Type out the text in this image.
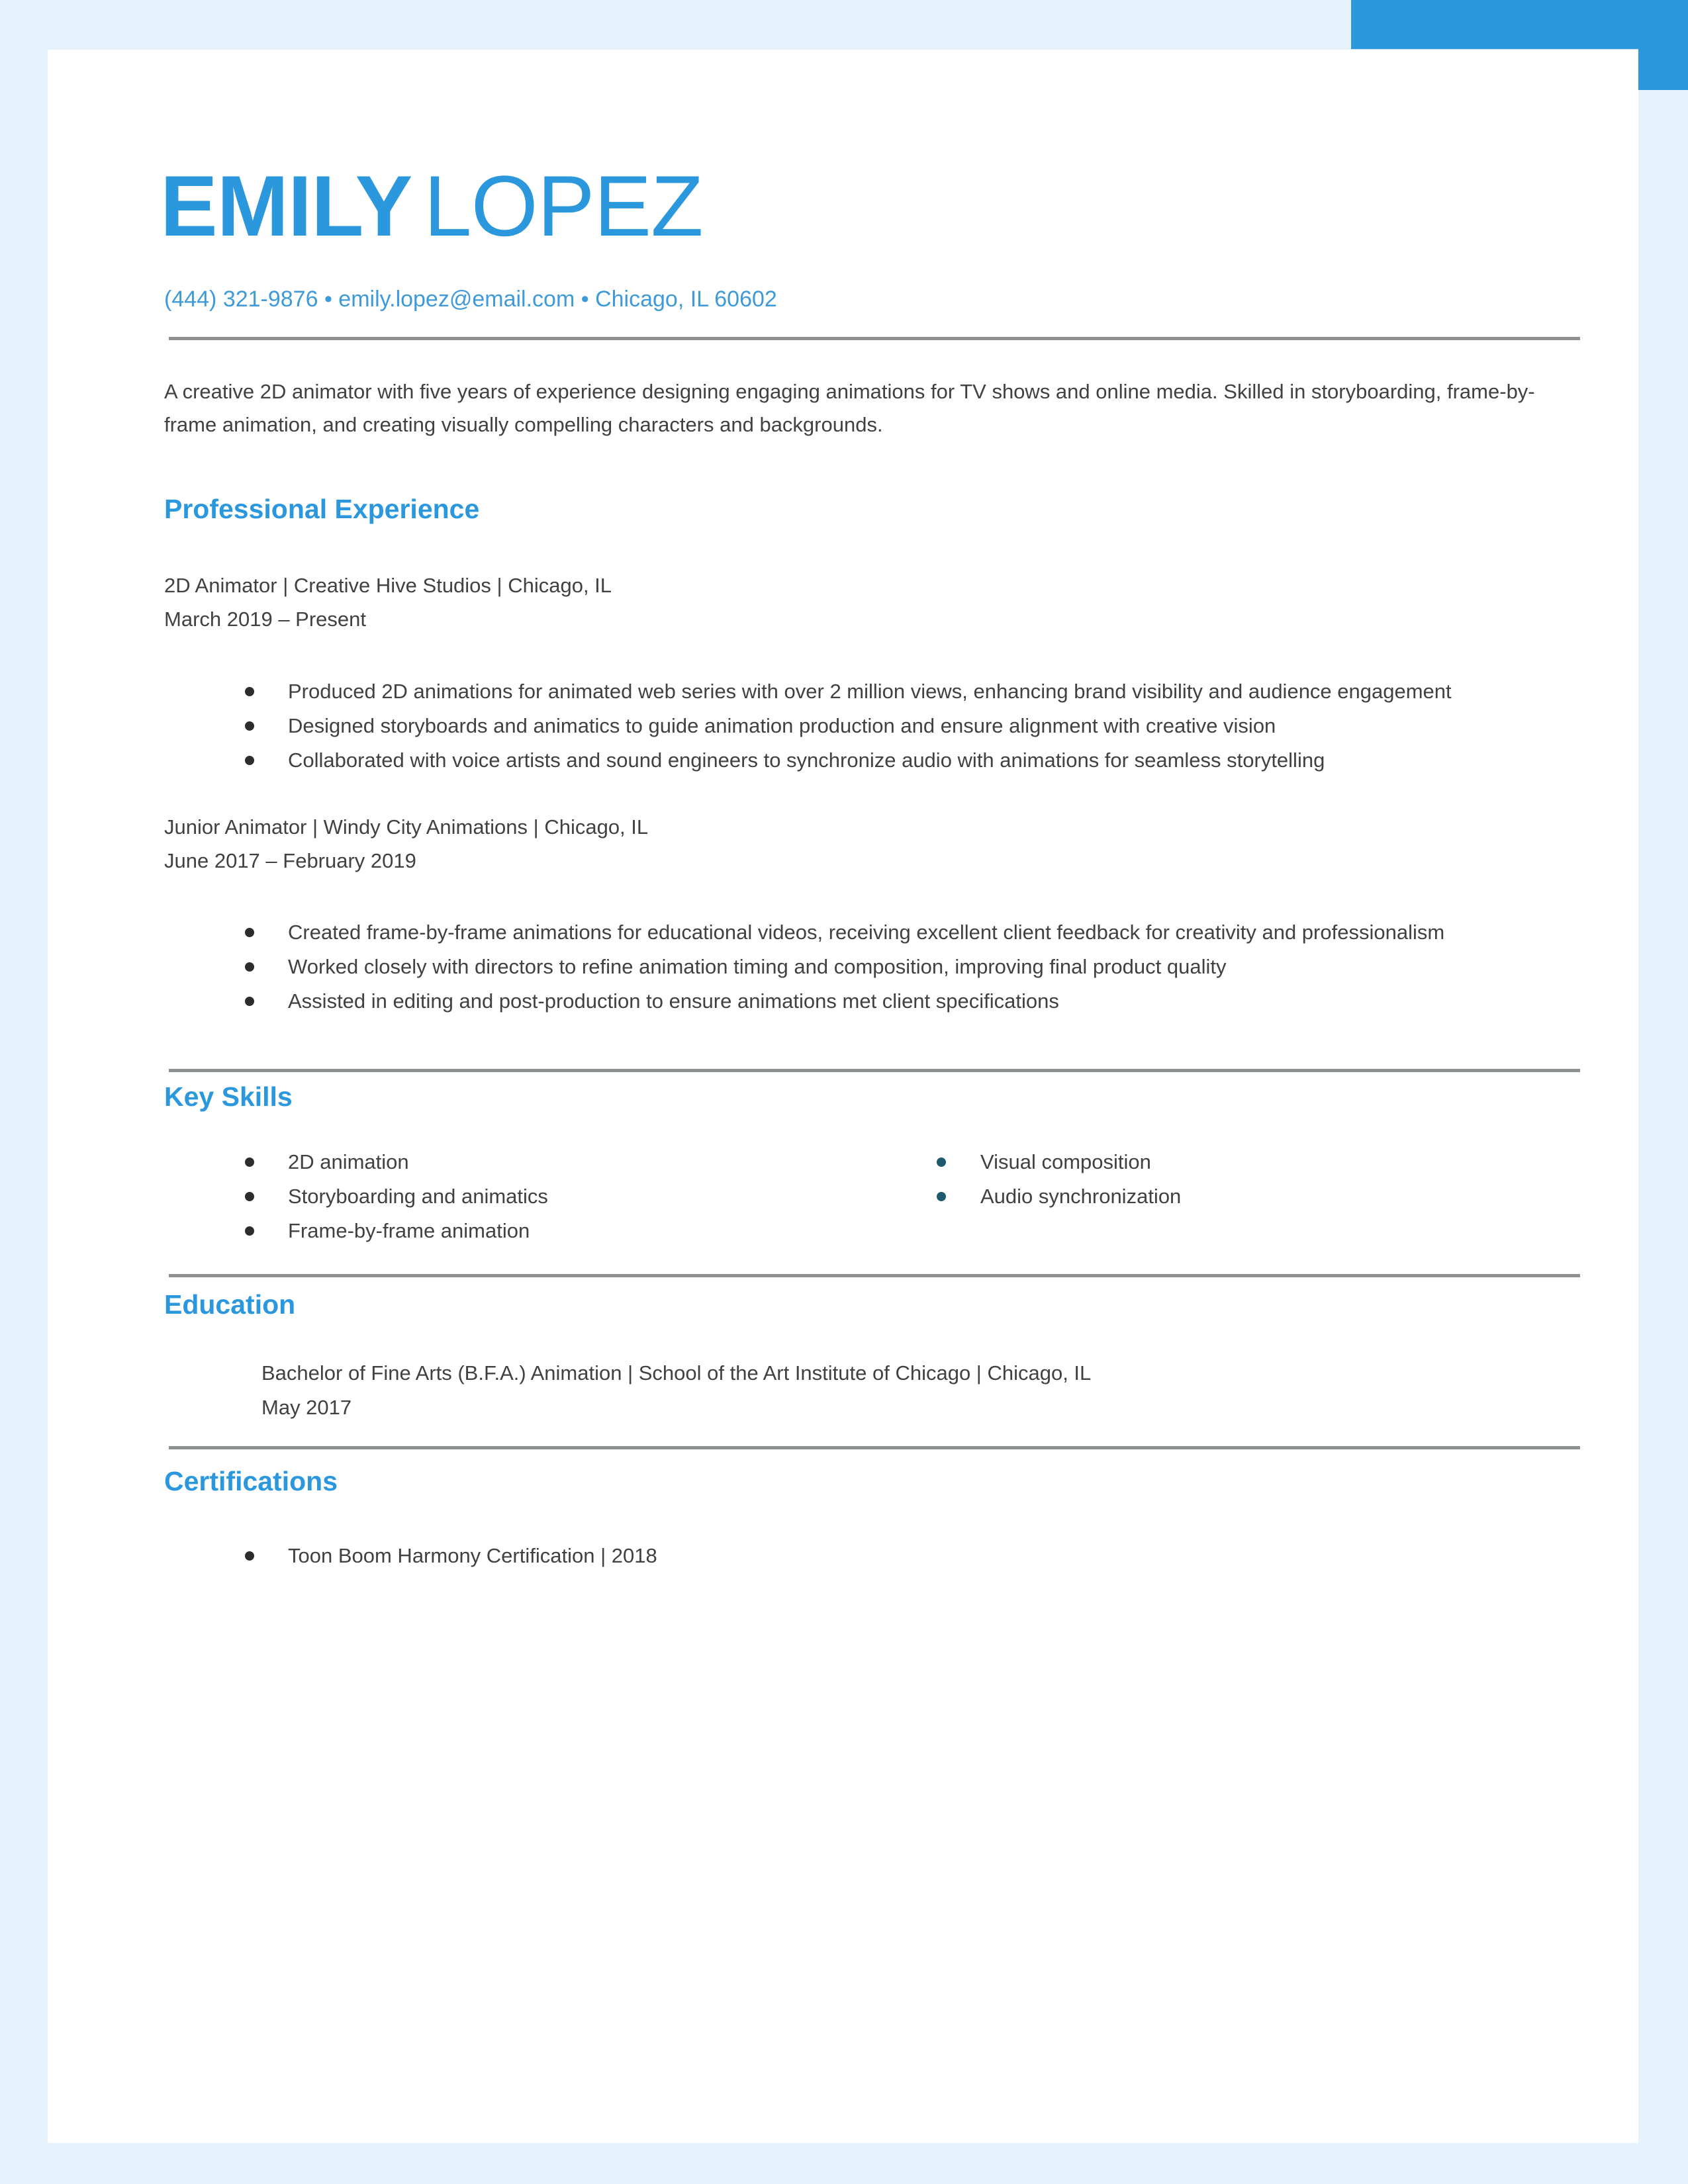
EMILY LOPEZ
(444) 321-9876 • emily.lopez@email.com • Chicago, IL 60602

A creative 2D animator with five years of experience designing engaging animations for TV shows and online media. Skilled in storyboarding, frame-by-frame animation, and creating visually compelling characters and backgrounds.

Professional Experience
2D Animator | Creative Hive Studios | Chicago, IL
March 2019 – Present
Produced 2D animations for animated web series with over 2 million views, enhancing brand visibility and audience engagement
Designed storyboards and animatics to guide animation production and ensure alignment with creative vision
Collaborated with voice artists and sound engineers to synchronize audio with animations for seamless storytelling
Junior Animator | Windy City Animations | Chicago, IL
June 2017 – February 2019
Created frame-by-frame animations for educational videos, receiving excellent client feedback for creativity and professionalism
Worked closely with directors to refine animation timing and composition, improving final product quality
Assisted in editing and post-production to ensure animations met client specifications
Key Skills
2D animation
Storyboarding and animatics
Frame-by-frame animation
Visual composition
Audio synchronization
Education
Bachelor of Fine Arts (B.F.A.) Animation | School of the Art Institute of Chicago | Chicago, IL
May 2017
Certifications
Toon Boom Harmony Certification | 2018
